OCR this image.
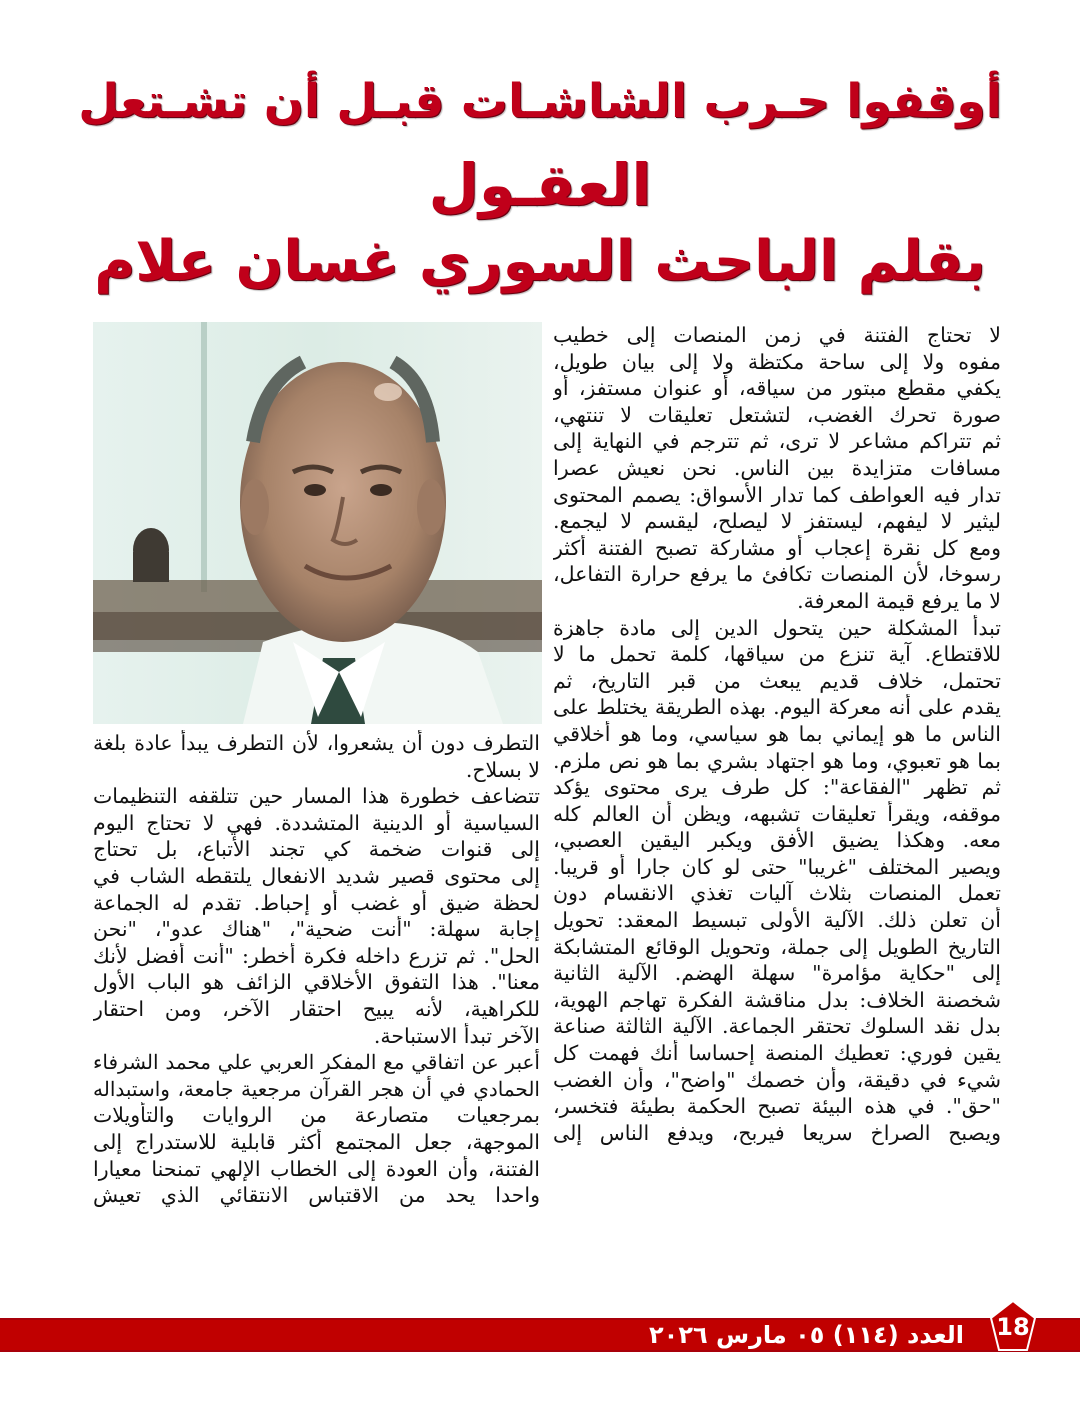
أوقفوا حـرب الشاشـات قبـل أن تشـتعل
العقـول
بقلم الباحث السوري غسان علام
لا تحتاج الفتنة في زمن المنصات إلى خطيب
مفوه ولا إلى ساحة مكتظة ولا إلى بيان طويل،
يكفي مقطع مبتور من سياقه، أو عنوان مستفز، أو
صورة تحرك الغضب، لتشتعل تعليقات لا تنتهي،
ثم تتراكم مشاعر لا ترى، ثم تترجم في النهاية إلى
مسافات متزايدة بين الناس. نحن نعيش عصرا
تدار فيه العواطف كما تدار الأسواق: يصمم المحتوى
ليثير لا ليفهم، ليستفز لا ليصلح، ليقسم لا ليجمع.
ومع كل نقرة إعجاب أو مشاركة تصبح الفتنة أكثر
رسوخا، لأن المنصات تكافئ ما يرفع حرارة التفاعل،
لا ما يرفع قيمة المعرفة.
تبدأ المشكلة حين يتحول الدين إلى مادة جاهزة
للاقتطاع. آية تنزع من سياقها، كلمة تحمل ما لا
تحتمل، خلاف قديم يبعث من قبر التاريخ، ثم
يقدم على أنه معركة اليوم. بهذه الطريقة يختلط على
الناس ما هو إيماني بما هو سياسي، وما هو أخلاقي
بما هو تعبوي، وما هو اجتهاد بشري بما هو نص ملزم.
ثم تظهر "الفقاعة": كل طرف يرى محتوى يؤكد
موقفه، ويقرأ تعليقات تشبهه، ويظن أن العالم كله
معه. وهكذا يضيق الأفق ويكبر اليقين العصبي،
ويصير المختلف "غريبا" حتى لو كان جارا أو قريبا.
تعمل المنصات بثلاث آليات تغذي الانقسام دون
أن تعلن ذلك. الآلية الأولى تبسيط المعقد: تحويل
التاريخ الطويل إلى جملة، وتحويل الوقائع المتشابكة
إلى "حكاية مؤامرة" سهلة الهضم. الآلية الثانية
شخصنة الخلاف: بدل مناقشة الفكرة تهاجم الهوية،
بدل نقد السلوك تحتقر الجماعة. الآلية الثالثة صناعة
يقين فوري: تعطيك المنصة إحساسا أنك فهمت كل
شيء في دقيقة، وأن خصمك "واضح"، وأن الغضب
"حق". في هذه البيئة تصبح الحكمة بطيئة فتخسر،
ويصبح الصراخ سريعا فيربح، ويدفع الناس إلى
التطرف دون أن يشعروا، لأن التطرف يبدأ عادة بلغة
لا بسلاح.
تتضاعف خطورة هذا المسار حين تتلقفه التنظيمات
السياسية أو الدينية المتشددة. فهي لا تحتاج اليوم
إلى قنوات ضخمة كي تجند الأتباع، بل تحتاج
إلى محتوى قصير شديد الانفعال يلتقطه الشاب في
لحظة ضيق أو غضب أو إحباط. تقدم له الجماعة
إجابة سهلة: "أنت ضحية"، "هناك عدو"، "نحن
الحل". ثم تزرع داخله فكرة أخطر: "أنت أفضل لأنك
معنا". هذا التفوق الأخلاقي الزائف هو الباب الأول
للكراهية، لأنه يبيح احتقار الآخر، ومن احتقار
الآخر تبدأ الاستباحة.
أعبر عن اتفاقي مع المفكر العربي علي محمد الشرفاء
الحمادي في أن هجر القرآن مرجعية جامعة، واستبداله
بمرجعيات متصارعة من الروايات والتأويلات
الموجهة، جعل المجتمع أكثر قابلية للاستدراج إلى
الفتنة، وأن العودة إلى الخطاب الإلهي تمنحنا معيارا
واحدا يحد من الاقتباس الانتقائي الذي تعيش
18
العدد (١١٤) ٠٥ مارس ٢٠٢٦
